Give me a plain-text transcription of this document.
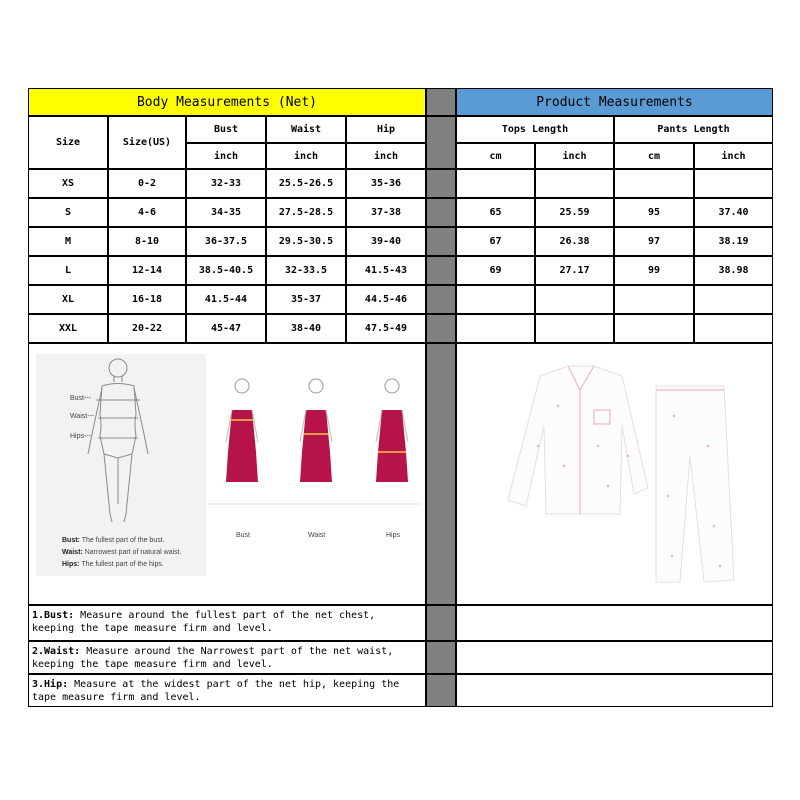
Body Measurements (Net)	Product Measurements
Size	Size(US)
Bust	Waist	Hip
inch	inch	inch
Tops Length	Pants Length
cm	inch	cm	inch
XS	0-2	32-33	25.5-26.5	35-36
S	4-6	34-35	27.5-28.5	37-38	65	25.59	95	37.40
M	8-10	36-37.5	29.5-30.5	39-40	67	26.38	97	38.19
L	12-14	38.5-40.5	32-33.5	41.5-43	69	27.17	99	38.98
XL	16-18	41.5-44	35-37	44.5-46
XXL	20-22	45-47	38-40	47.5-49
Bust---
Waist---
Hips---
Bust: The fullest part of the bust.
Waist: Narrowest part of natural waist.
Hips: The fullest part of the hips.
Bust	Waist	Hips
1.Bust: Measure around the fullest part of the net chest, keeping the tape measure firm and level.
2.Waist: Measure around the Narrowest part of the net waist, keeping the tape measure firm and level.
3.Hip: Measure at the widest part of the net hip, keeping the tape measure firm and level.
